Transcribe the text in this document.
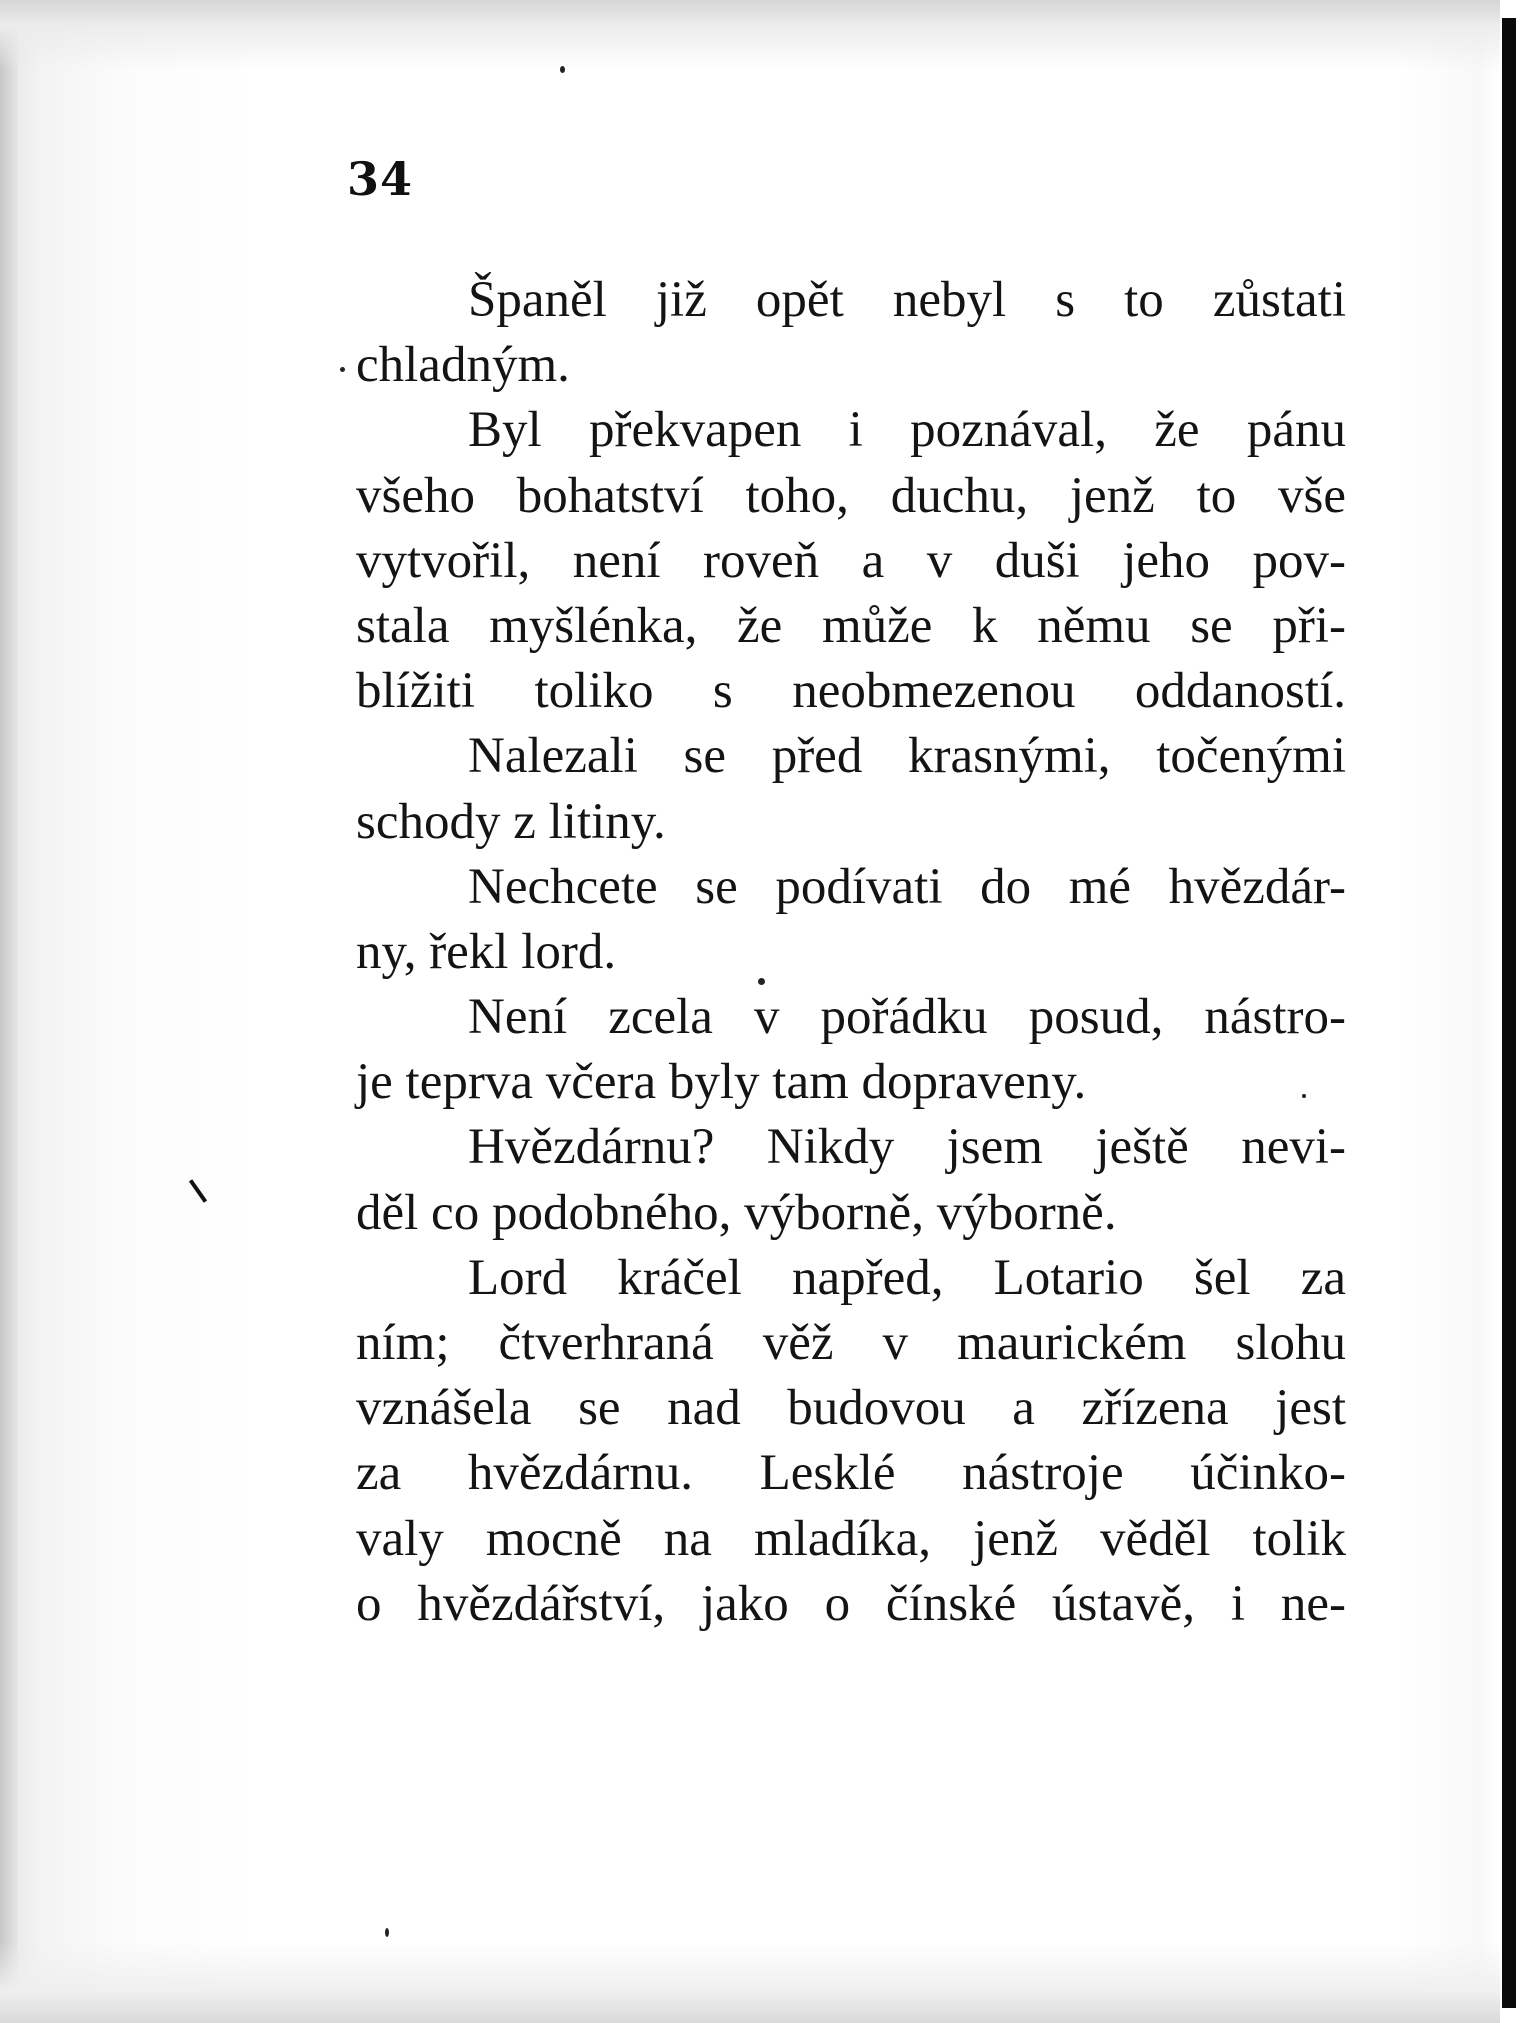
34
Španěl již opět nebyl s to zůstati
chladným.
Byl překvapen i poznával, že pánu
všeho bohatství toho, duchu, jenž to vše
vytvořil, není roveň a v duši jeho pov-
stala myšlénka, že může k němu se při-
blížiti toliko s neobmezenou oddaností.
Nalezali se před krasnými, točenými
schody z litiny.
Nechcete se podívati do mé hvězdár-
ny, řekl lord.
Není zcela v pořádku posud, nástro-
je teprva včera byly tam dopraveny.
Hvězdárnu? Nikdy jsem ještě nevi-
děl co podobného, výborně, výborně.
Lord kráčel napřed, Lotario šel za
ním; čtverhraná věž v maurickém slohu
vznášela se nad budovou a zřízena jest
za hvězdárnu. Lesklé nástroje účinko-
valy mocně na mladíka, jenž věděl tolik
o hvězdářství, jako o čínské ústavě, i ne-
